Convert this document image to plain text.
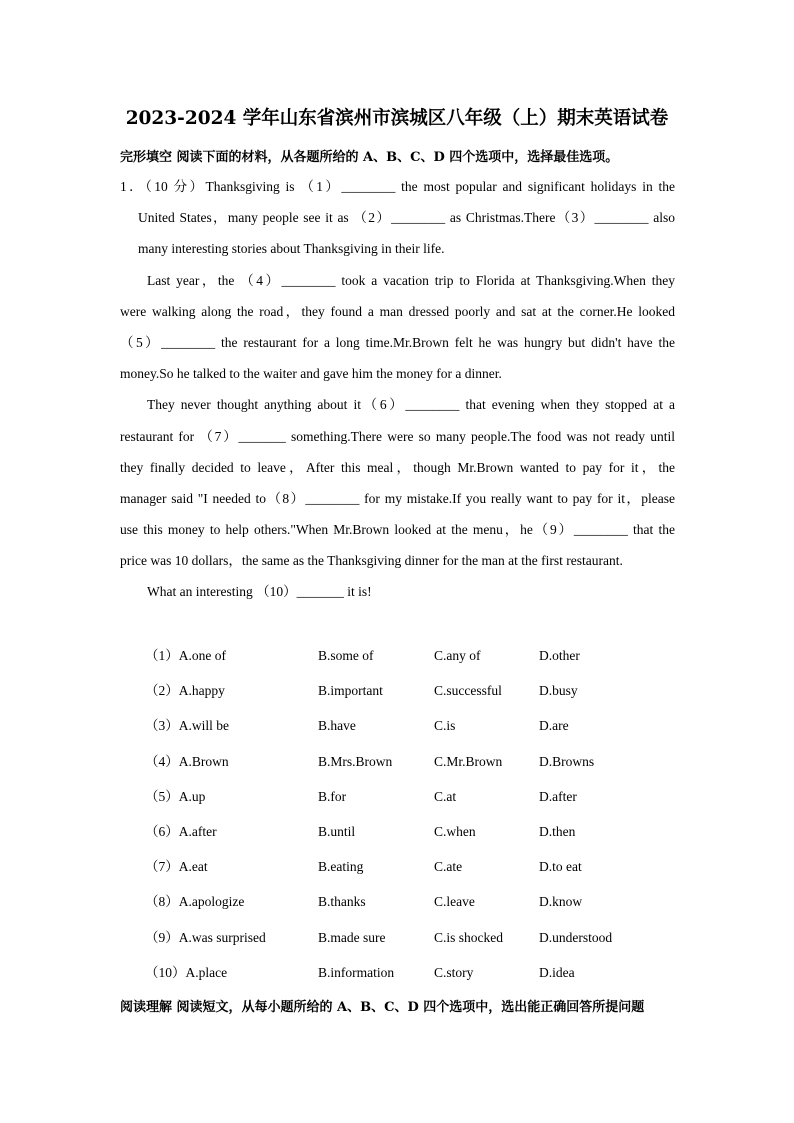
2023-2024 学年山东省滨州市滨城区八年级（上）期末英语试卷
完形填空 阅读下面的材料，从各题所给的 A、B、C、D 四个选项中，选择最佳选项。
1．（10 分）Thanksgiving is （1）________ the most popular and significant holidays in the
United States，many people see it as （2）________ as Christmas.There（3）________ also
many interesting stories about Thanksgiving in their life.
Last year，the （4）________ took a vacation trip to Florida at Thanksgiving.When they
were walking along the road，they found a man dressed poorly and sat at the corner.He looked
（5）________ the restaurant for a long time.Mr.Brown felt he was hungry but didn't have the
money.So he talked to the waiter and gave him the money for a dinner.
They never thought anything about it（6）________ that evening when they stopped at a
restaurant for （7）_______ something.There were so many people.The food was not ready until
they finally decided to leave，After this meal，though Mr.Brown wanted to pay for it，the
manager said "I needed to（8）________ for my mistake.If you really want to pay for it，please
use this money to help others."When Mr.Brown looked at the menu，he（9）________ that the
price was 10 dollars，the same as the Thanksgiving dinner for the man at the first restaurant.
What an interesting （10）_______ it is!
（1）A.one of	B.some of	C.any of	D.other
（2）A.happy	B.important	C.successful	D.busy
（3）A.will be	B.have	C.is	D.are
（4）A.Brown	B.Mrs.Brown	C.Mr.Brown	D.Browns
（5）A.up	B.for	C.at	D.after
（6）A.after	B.until	C.when	D.then
（7）A.eat	B.eating	C.ate	D.to eat
（8）A.apologize	B.thanks	C.leave	D.know
（9）A.was surprised	B.made sure	C.is shocked	D.understood
（10）A.place	B.information	C.story	D.idea
阅读理解 阅读短文，从每小题所给的 A、B、C、D 四个选项中，选出能正确回答所提问题
